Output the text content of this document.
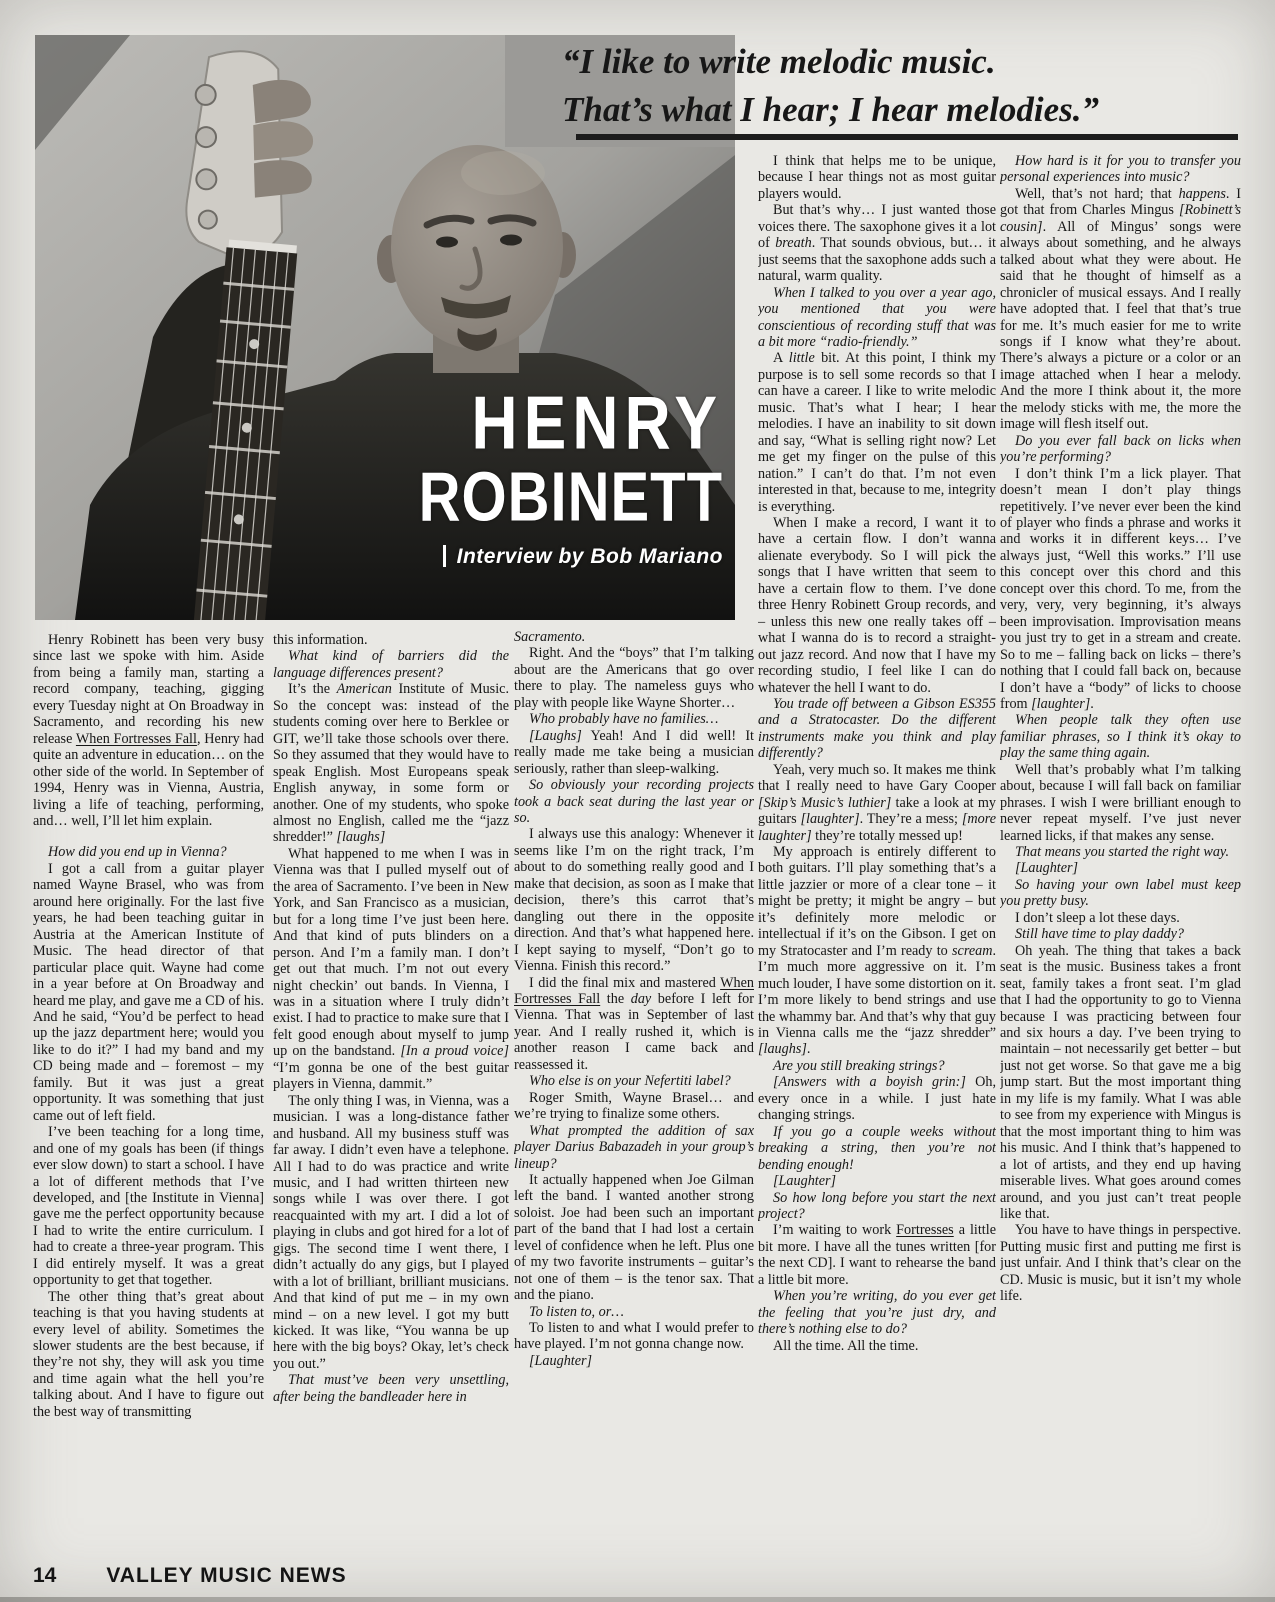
HENRY
ROBINETT
Interview by Bob Mariano
“I like to write melodic music.
That’s what I hear; I hear melodies.”

Henry Robinett has been very busy since last we spoke with him. Aside from being a family man, starting a record company, teaching, gigging every Tuesday night at On Broadway in Sacramento, and recording his new release When Fortresses Fall, Henry had quite an adventure in education… on the other side of the world. In September of 1994, Henry was in Vienna, Austria, living a life of teaching, performing, and… well, I’ll let him explain.

How did you end up in Vienna?

I got a call from a guitar player named Wayne Brasel, who was from around here originally. For the last five years, he had been teaching guitar in Austria at the American Institute of Music. The head director of that particular place quit. Wayne had come in a year before at On Broadway and heard me play, and gave me a CD of his. And he said, “You’d be perfect to head up the jazz department here; would you like to do it?” I had my band and my CD being made and – foremost – my family. But it was just a great opportunity. It was something that just came out of left field.

I’ve been teaching for a long time, and one of my goals has been (if things ever slow down) to start a school. I have a lot of different methods that I’ve developed, and [the Institute in Vienna] gave me the perfect opportunity because I had to write the entire curriculum. I had to create a three-year program. This I did entirely myself. It was a great opportunity to get that together.

The other thing that’s great about teaching is that you having students at every level of ability. Sometimes the slower students are the best because, if they’re not shy, they will ask you time and time again what the hell you’re talking about. And I have to figure out the best way of transmitting

this information.

What kind of barriers did the language differences present?

It’s the American Institute of Music. So the concept was: instead of the students coming over here to Berklee or GIT, we’ll take those schools over there. So they assumed that they would have to speak English. Most Europeans speak English anyway, in some form or another. One of my students, who spoke almost no English, called me the “jazz shredder!” [laughs]

What happened to me when I was in Vienna was that I pulled myself out of the area of Sacramento. I’ve been in New York, and San Francisco as a musician, but for a long time I’ve just been here. And that kind of puts blinders on a person. And I’m a family man. I don’t get out that much. I’m not out every night checkin’ out bands. In Vienna, I was in a situation where I truly didn’t exist. I had to practice to make sure that I felt good enough about myself to jump up on the bandstand. [In a proud voice] “I’m gonna be one of the best guitar players in Vienna, dammit.”

The only thing I was, in Vienna, was a musician. I was a long-distance father and husband. All my business stuff was far away. I didn’t even have a telephone. All I had to do was practice and write music, and I had written thirteen new songs while I was over there. I got reacquainted with my art. I did a lot of playing in clubs and got hired for a lot of gigs. The second time I went there, I didn’t actually do any gigs, but I played with a lot of brilliant, brilliant musicians. And that kind of put me – in my own mind – on a new level. I got my butt kicked. It was like, “You wanna be up here with the big boys? Okay, let’s check you out.”

That must’ve been very unsettling, after being the bandleader here in

Sacramento.

Right. And the “boys” that I’m talking about are the Americans that go over there to play. The nameless guys who play with people like Wayne Shorter…

Who probably have no families…

[Laughs] Yeah! And I did well! It really made me take being a musician seriously, rather than sleep-walking.

So obviously your recording projects took a back seat during the last year or so.

I always use this analogy: Whenever it seems like I’m on the right track, I’m about to do something really good and I make that decision, as soon as I make that decision, there’s this carrot that’s dangling out there in the opposite direction. And that’s what happened here. I kept saying to myself, “Don’t go to Vienna. Finish this record.”

I did the final mix and mastered When Fortresses Fall the day before I left for Vienna. That was in September of last year. And I really rushed it, which is another reason I came back and reassessed it.

Who else is on your Nefertiti label?

Roger Smith, Wayne Brasel… and we’re trying to finalize some others.

What prompted the addition of sax player Darius Babazadeh in your group’s lineup?

It actually happened when Joe Gilman left the band. I wanted another strong soloist. Joe had been such an important part of the band that I had lost a certain level of confidence when he left. Plus one of my two favorite instruments – guitar’s not one of them – is the tenor sax. That and the piano.

To listen to, or…

To listen to and what I would prefer to have played. I’m not gonna change now.

[Laughter]

I think that helps me to be unique, because I hear things not as most guitar players would.

But that’s why… I just wanted those voices there. The saxophone gives it a lot of breath. That sounds obvious, but… it just seems that the saxophone adds such a natural, warm quality.

When I talked to you over a year ago, you mentioned that you were conscientious of recording stuff that was a bit more “radio-friendly.”

A little bit. At this point, I think my purpose is to sell some records so that I can have a career. I like to write melodic music. That’s what I hear; I hear melodies. I have an inability to sit down and say, “What is selling right now? Let me get my finger on the pulse of this nation.” I can’t do that. I’m not even interested in that, because to me, integrity is everything.

When I make a record, I want it to have a certain flow. I don’t wanna alienate everybody. So I will pick the songs that I have written that seem to have a certain flow to them. I’ve done three Henry Robinett Group records, and – unless this new one really takes off – what I wanna do is to record a straight-out jazz record. And now that I have my recording studio, I feel like I can do whatever the hell I want to do.

You trade off between a Gibson ES355 and a Stratocaster. Do the different instruments make you think and play differently?

Yeah, very much so. It makes me think that I really need to have Gary Cooper [Skip’s Music’s luthier] take a look at my guitars [laughter]. They’re a mess; [more laughter] they’re totally messed up!

My approach is entirely different to both guitars. I’ll play something that’s a little jazzier or more of a clear tone – it might be pretty; it might be angry – but it’s definitely more melodic or intellectual if it’s on the Gibson. I get on my Stratocaster and I’m ready to scream. I’m much more aggressive on it. I’m much louder, I have some distortion on it. I’m more likely to bend strings and use the whammy bar. And that’s why that guy in Vienna calls me the “jazz shredder” [laughs].

Are you still breaking strings?

[Answers with a boyish grin:] Oh, every once in a while. I just hate changing strings.

If you go a couple weeks without breaking a string, then you’re not bending enough!

[Laughter]

So how long before you start the next project?

I’m waiting to work Fortresses a little bit more. I have all the tunes written [for the next CD]. I want to rehearse the band a little bit more.

When you’re writing, do you ever get the feeling that you’re just dry, and there’s nothing else to do?

All the time. All the time.

How hard is it for you to transfer you personal experiences into music?

Well, that’s not hard; that happens. I got that from Charles Mingus [Robinett’s cousin]. All of Mingus’ songs were always about something, and he always talked about what they were about. He said that he thought of himself as a chronicler of musical essays. And I really have adopted that. I feel that that’s true for me. It’s much easier for me to write songs if I know what they’re about. There’s always a picture or a color or an image attached when I hear a melody. And the more I think about it, the more the melody sticks with me, the more the image will flesh itself out.

Do you ever fall back on licks when you’re performing?

I don’t think I’m a lick player. That doesn’t mean I don’t play things repetitively. I’ve never ever been the kind of player who finds a phrase and works it and works it in different keys… I’ve always just, “Well this works.” I’ll use this concept over this chord and this concept over this chord. To me, from the very, very, very beginning, it’s always been improvisation. Improvisation means you just try to get in a stream and create. So to me – falling back on licks – there’s nothing that I could fall back on, because I don’t have a “body” of licks to choose from [laughter].

When people talk they often use familiar phrases, so I think it’s okay to play the same thing again.

Well that’s probably what I’m talking about, because I will fall back on familiar phrases. I wish I were brilliant enough to never repeat myself. I’ve just never learned licks, if that makes any sense.

That means you started the right way.

[Laughter]

So having your own label must keep you pretty busy.

I don’t sleep a lot these days.

Still have time to play daddy?

Oh yeah. The thing that takes a back seat is the music. Business takes a front seat, family takes a front seat. I’m glad that I had the opportunity to go to Vienna because I was practicing between four and six hours a day. I’ve been trying to maintain – not necessarily get better – but just not get worse. So that gave me a big jump start. But the most important thing in my life is my family. What I was able to see from my experience with Mingus is that the most important thing to him was his music. And I think that’s happened to a lot of artists, and they end up having miserable lives. What goes around comes around, and you just can’t treat people like that.

You have to have things in perspective. Putting music first and putting me first is just unfair. And I think that’s clear on the CD. Music is music, but it isn’t my whole life.

14 VALLEY MUSIC NEWS
